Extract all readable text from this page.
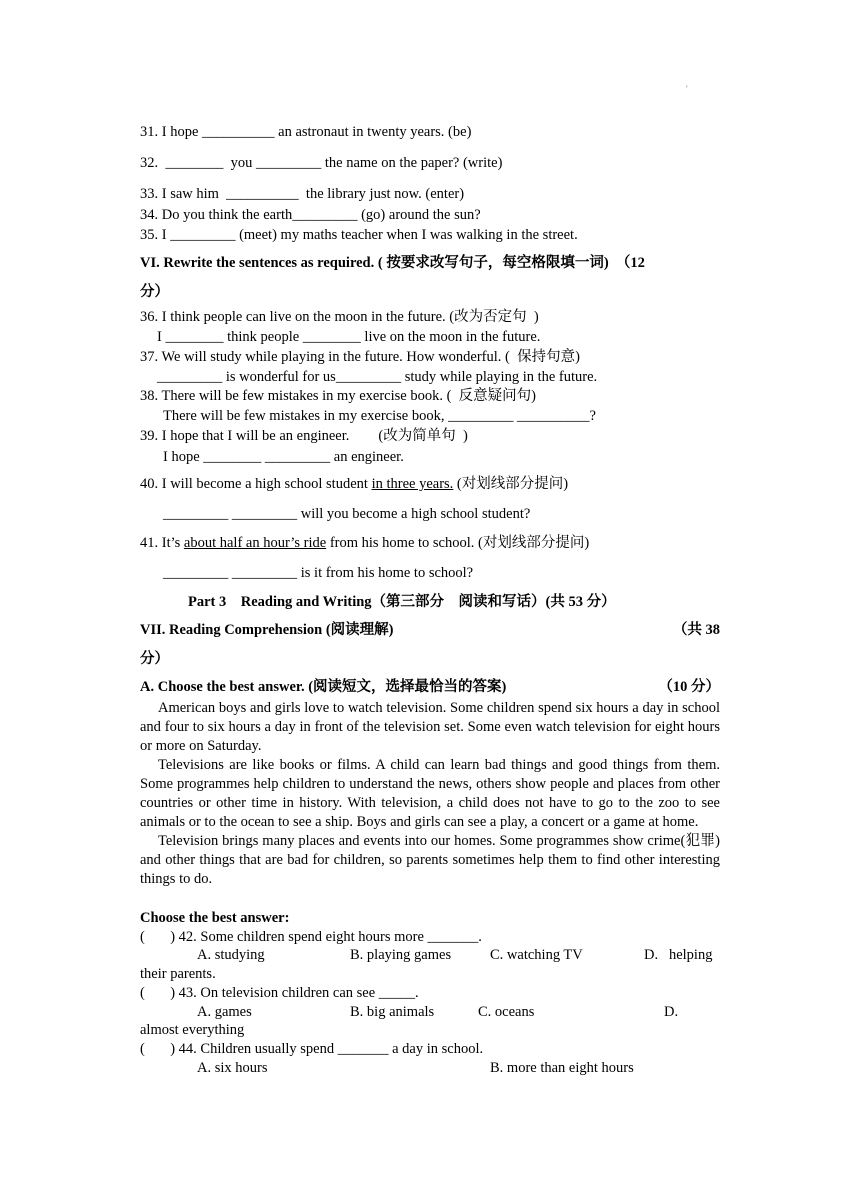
'
31. I hope __________ an astronaut in twenty years. (be)
32.  ________  you _________ the name on the paper? (write)
33. I saw him  __________  the library just now. (enter)
34. Do you think the earth_________ (go) around the sun?
35. I _________ (meet) my maths teacher when I was walking in the street.
VI. Rewrite the sentences as required. ( 按要求改写句子，每空格限填一词)  （12
分）
36. I think people can live on the moon in the future. (改为否定句  )
I ________ think people ________ live on the moon in the future.
37. We will study while playing in the future. How wonderful. (  保持句意)
_________ is wonderful for us_________ study while playing in the future.
38. There will be few mistakes in my exercise book. (  反意疑问句)
There will be few mistakes in my exercise book, _________ __________?
39. I hope that I will be an engineer.        (改为简单句  )
I hope ________ _________ an engineer.
40. I will become a high school student in three years. (对划线部分提问)
_________ _________ will you become a high school student?
41. It’s about half an hour’s ride from his home to school. (对划线部分提问)
_________ _________ is it from his home to school?
Part 3    Reading and Writing（第三部分    阅读和写话）(共 53 分）
VII. Reading Comprehension (阅读理解)	（共 38
分）
A. Choose the best answer. (阅读短文，选择最恰当的答案)	（10 分）

American boys and girls love to watch television. Some children spend six hours a day in school and four to six hours a day in front of the television set. Some even watch television for eight hours or more on Saturday.

Televisions are like books or films. A child can learn bad things and good things from them. Some programmes help children to understand the news, others show people and places from other countries or other time in history. With television, a child does not have to go to the zoo to see animals or to the ocean to see a ship. Boys and girls can see a play, a concert or a game at home.

Television brings many places and events into our homes. Some programmes show crime(犯罪) and other things that are bad for children, so parents sometimes help them to find other interesting things to do.

Choose the best answer:
(       ) 42. Some children spend eight hours more _______.
A. studying	B. playing games	C. watching TV	D.   helping
their parents.
(       ) 43. On television children can see _____.
A. games	B. big animals	C. oceans	D.
almost everything
(       ) 44. Children usually spend _______ a day in school.
A. six hours	B. more than eight hours
